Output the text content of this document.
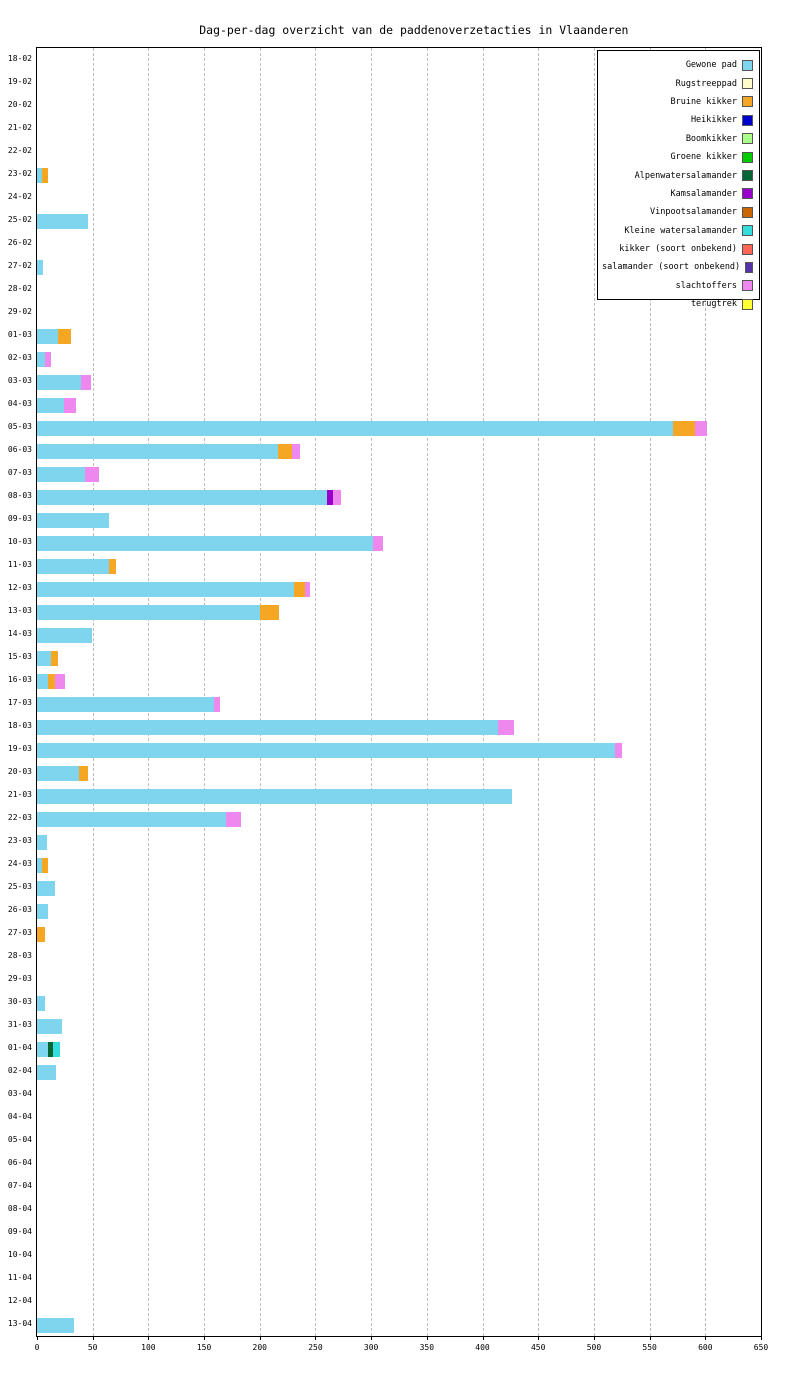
Dag-per-dag overzicht van de paddenoverzetacties in Vlaanderen

0	50	100	150	200	250	300	350	400	450	500	550	600	650
18-02
19-02
20-02
21-02
22-02
23-02
24-02
25-02
26-02
27-02
28-02
29-02
01-03
02-03
03-03
04-03
05-03
06-03
07-03
08-03
09-03
10-03
11-03
12-03
13-03
14-03
15-03
16-03
17-03
18-03
19-03
20-03
21-03
22-03
23-03
24-03
25-03
26-03
27-03
28-03
29-03
30-03
31-03
01-04
02-04
03-04
04-04
05-04
06-04
07-04
08-04
09-04
10-04
11-04
12-04
13-04
Gewone pad
Rugstreeppad
Bruine kikker
Heikikker
Boomkikker
Groene kikker
Alpenwatersalamander
Kamsalamander
Vinpootsalamander
Kleine watersalamander
kikker (soort onbekend)
salamander (soort onbekend)
slachtoffers
terugtrek
